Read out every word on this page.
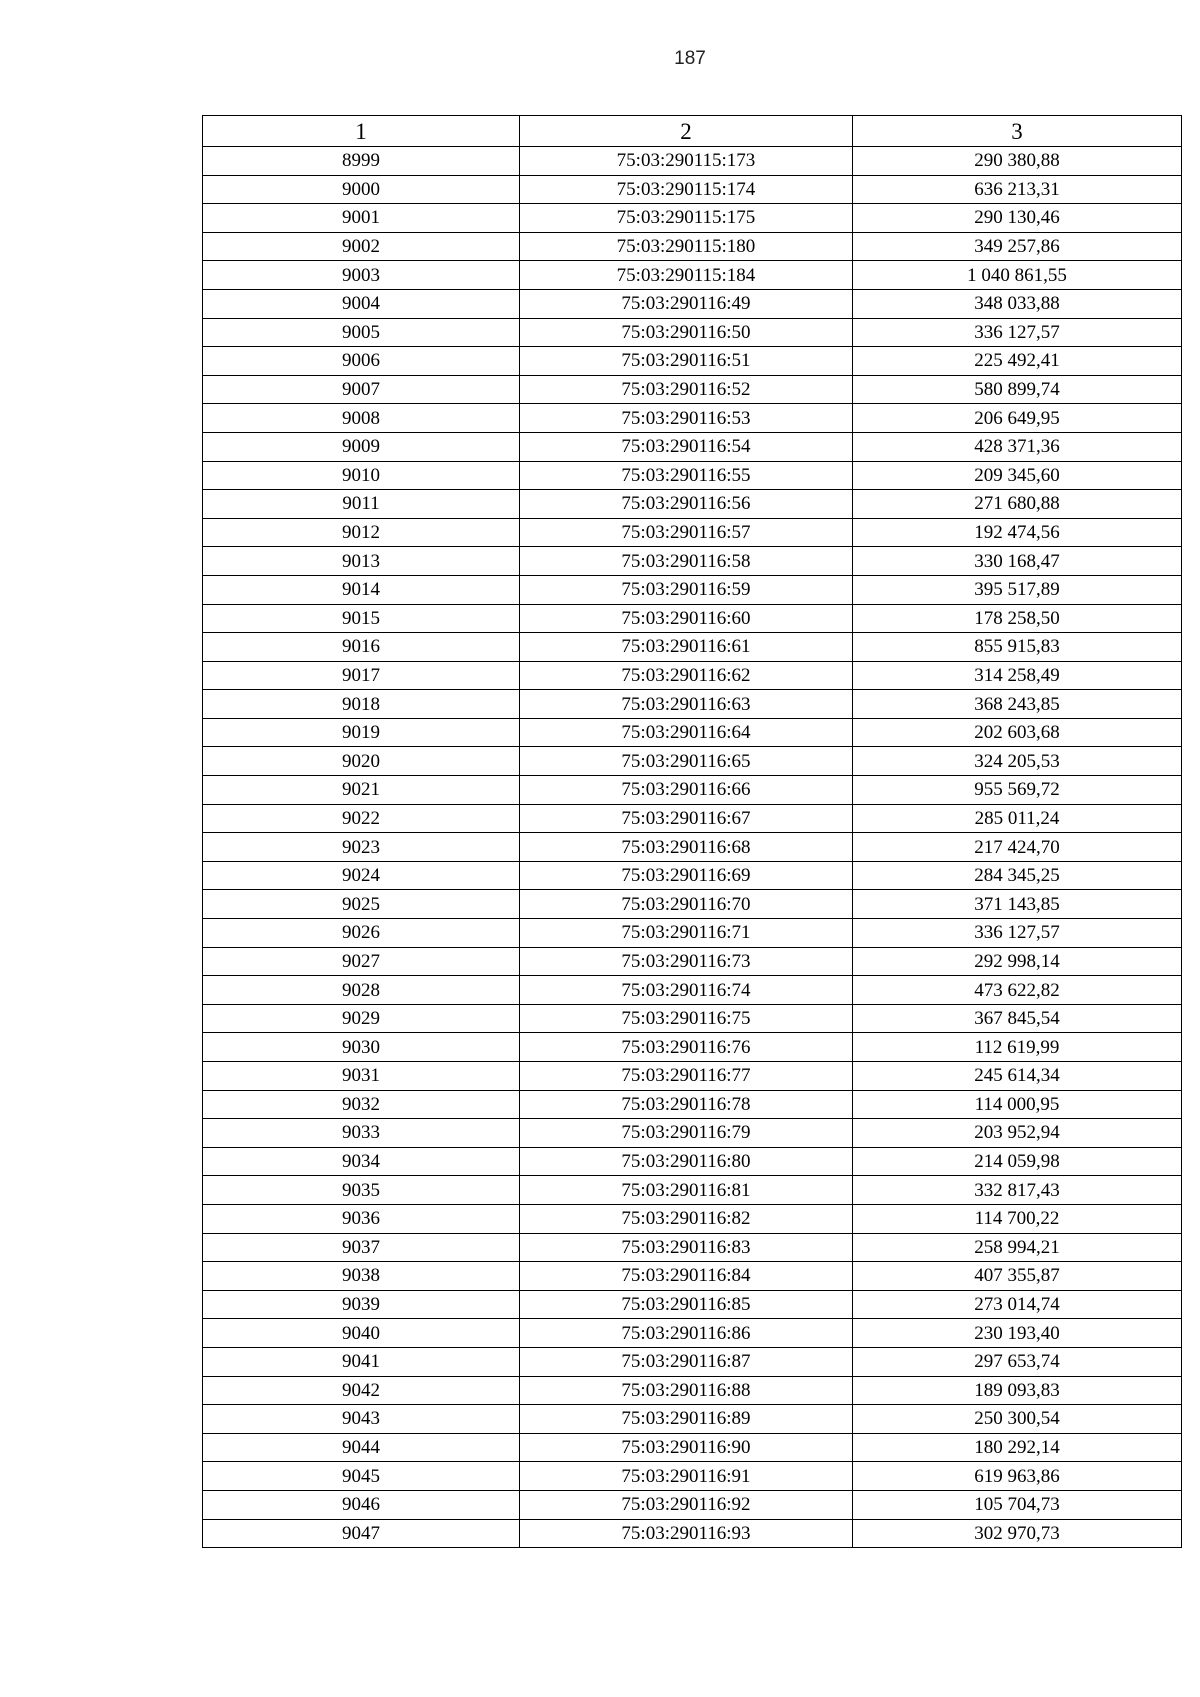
187
1	2	3
8999	75:03:290115:173	290 380,88
9000	75:03:290115:174	636 213,31
9001	75:03:290115:175	290 130,46
9002	75:03:290115:180	349 257,86
9003	75:03:290115:184	1 040 861,55
9004	75:03:290116:49	348 033,88
9005	75:03:290116:50	336 127,57
9006	75:03:290116:51	225 492,41
9007	75:03:290116:52	580 899,74
9008	75:03:290116:53	206 649,95
9009	75:03:290116:54	428 371,36
9010	75:03:290116:55	209 345,60
9011	75:03:290116:56	271 680,88
9012	75:03:290116:57	192 474,56
9013	75:03:290116:58	330 168,47
9014	75:03:290116:59	395 517,89
9015	75:03:290116:60	178 258,50
9016	75:03:290116:61	855 915,83
9017	75:03:290116:62	314 258,49
9018	75:03:290116:63	368 243,85
9019	75:03:290116:64	202 603,68
9020	75:03:290116:65	324 205,53
9021	75:03:290116:66	955 569,72
9022	75:03:290116:67	285 011,24
9023	75:03:290116:68	217 424,70
9024	75:03:290116:69	284 345,25
9025	75:03:290116:70	371 143,85
9026	75:03:290116:71	336 127,57
9027	75:03:290116:73	292 998,14
9028	75:03:290116:74	473 622,82
9029	75:03:290116:75	367 845,54
9030	75:03:290116:76	112 619,99
9031	75:03:290116:77	245 614,34
9032	75:03:290116:78	114 000,95
9033	75:03:290116:79	203 952,94
9034	75:03:290116:80	214 059,98
9035	75:03:290116:81	332 817,43
9036	75:03:290116:82	114 700,22
9037	75:03:290116:83	258 994,21
9038	75:03:290116:84	407 355,87
9039	75:03:290116:85	273 014,74
9040	75:03:290116:86	230 193,40
9041	75:03:290116:87	297 653,74
9042	75:03:290116:88	189 093,83
9043	75:03:290116:89	250 300,54
9044	75:03:290116:90	180 292,14
9045	75:03:290116:91	619 963,86
9046	75:03:290116:92	105 704,73
9047	75:03:290116:93	302 970,73
